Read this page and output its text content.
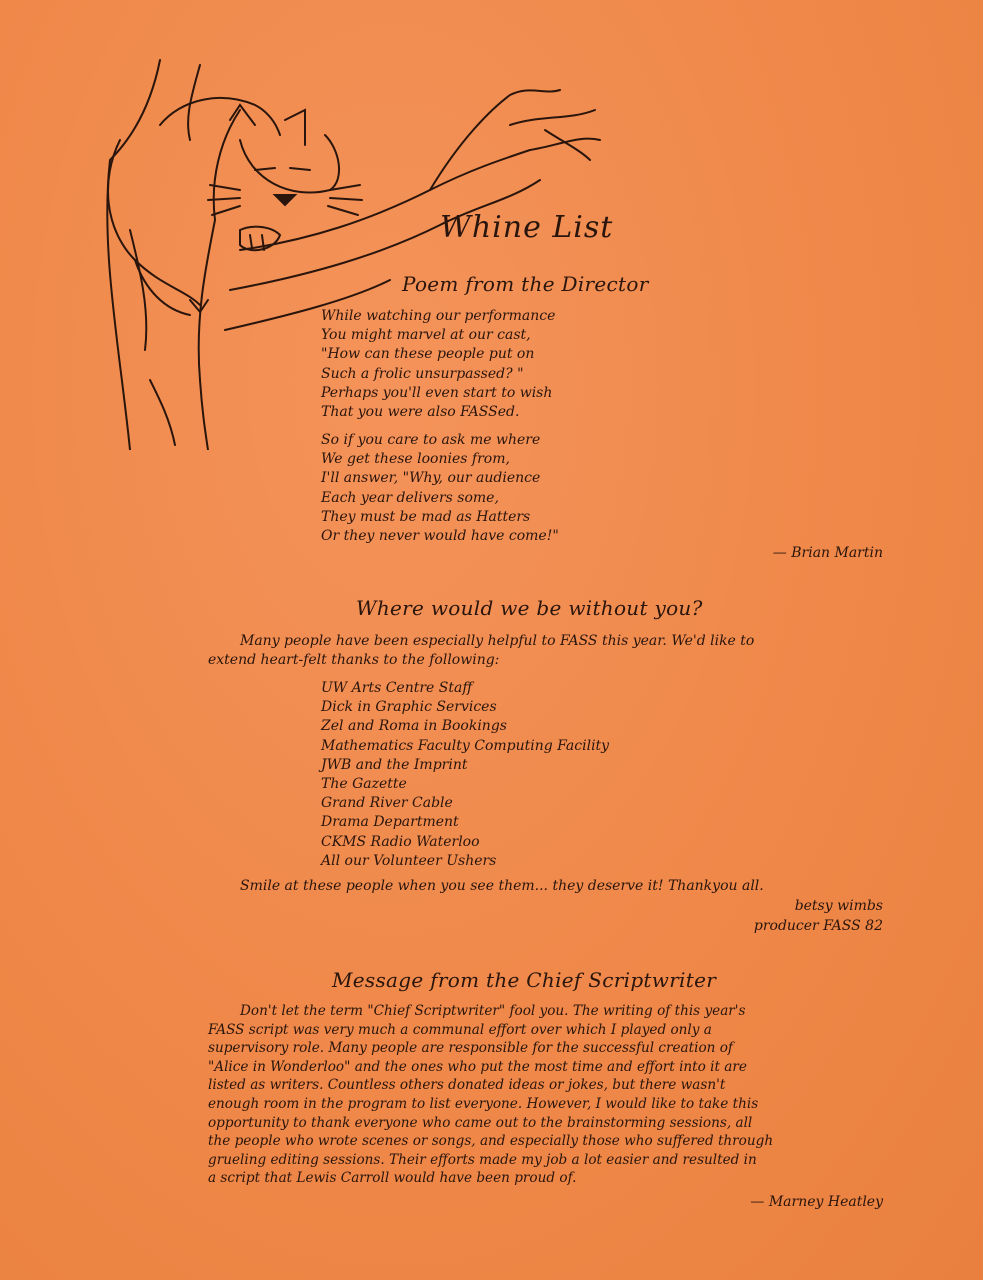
Whine List
Poem from the Director
While watching our performance
You might marvel at our cast,
"How can these people put on
Such a frolic unsurpassed? "
Perhaps you'll even start to wish
That you were also FASSed.
So if you care to ask me where
We get these loonies from,
I'll answer, "Why, our audience
Each year delivers some,
They must be mad as Hatters
Or they never would have come!"
— Brian Martin
Where would we be without you?
Many people have been especially helpful to FASS this year. We'd like to
extend heart-felt thanks to the following:
UW Arts Centre Staff
Dick in Graphic Services
Zel and Roma in Bookings
Mathematics Faculty Computing Facility
JWB and the Imprint
The Gazette
Grand River Cable
Drama Department
CKMS Radio Waterloo
All our Volunteer Ushers
Smile at these people when you see them... they deserve it! Thankyou all.
betsy wimbs
producer FASS 82
Message from the Chief Scriptwriter
Don't let the term "Chief Scriptwriter" fool you. The writing of this year's
FASS script was very much a communal effort over which I played only a
supervisory role. Many people are responsible for the successful creation of
"Alice in Wonderloo" and the ones who put the most time and effort into it are
listed as writers. Countless others donated ideas or jokes, but there wasn't
enough room in the program to list everyone. However, I would like to take this
opportunity to thank everyone who came out to the brainstorming sessions, all
the people who wrote scenes or songs, and especially those who suffered through
grueling editing sessions. Their efforts made my job a lot easier and resulted in
a script that Lewis Carroll would have been proud of.
— Marney Heatley
